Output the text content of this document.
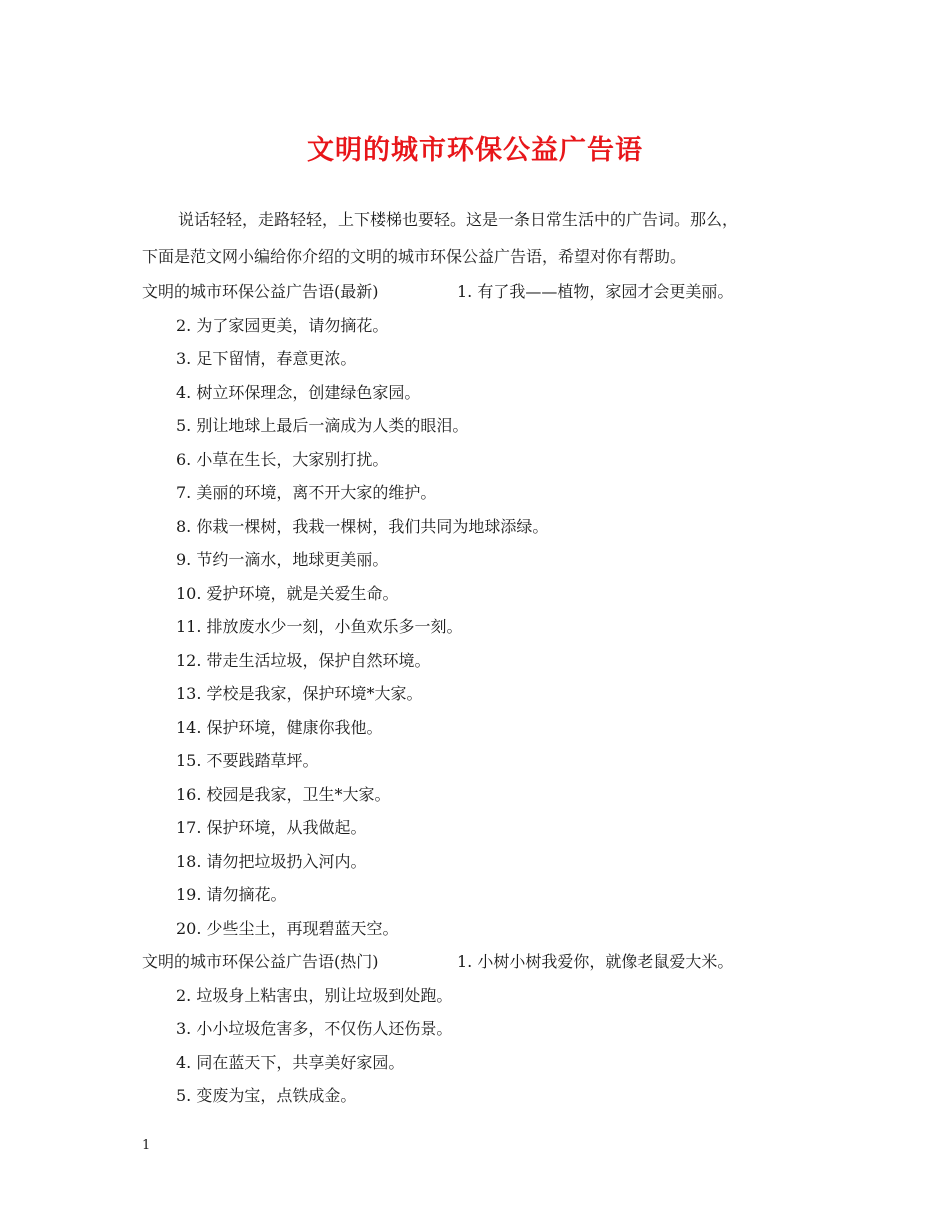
文明的城市环保公益广告语
说话轻轻，走路轻轻，上下楼梯也要轻。这是一条日常生活中的广告词。那么，
下面是范文网小编给你介绍的文明的城市环保公益广告语，希望对你有帮助。
文明的城市环保公益广告语(最新)	1. 有了我——植物，家园才会更美丽。
2. 为了家园更美，请勿摘花。
3. 足下留情，春意更浓。
4. 树立环保理念，创建绿色家园。
5. 别让地球上最后一滴成为人类的眼泪。
6. 小草在生长，大家别打扰。
7. 美丽的环境，离不开大家的维护。
8. 你栽一棵树，我栽一棵树，我们共同为地球添绿。
9. 节约一滴水，地球更美丽。
10. 爱护环境，就是关爱生命。
11. 排放废水少一刻，小鱼欢乐多一刻。
12. 带走生活垃圾，保护自然环境。
13. 学校是我家，保护环境*大家。
14. 保护环境，健康你我他。
15. 不要践踏草坪。
16. 校园是我家，卫生*大家。
17. 保护环境，从我做起。
18. 请勿把垃圾扔入河内。
19. 请勿摘花。
20. 少些尘土，再现碧蓝天空。
文明的城市环保公益广告语(热门)	1. 小树小树我爱你，就像老鼠爱大米。
2. 垃圾身上粘害虫，别让垃圾到处跑。
3. 小小垃圾危害多，不仅伤人还伤景。
4. 同在蓝天下，共享美好家园。
5. 变废为宝，点铁成金。
1
